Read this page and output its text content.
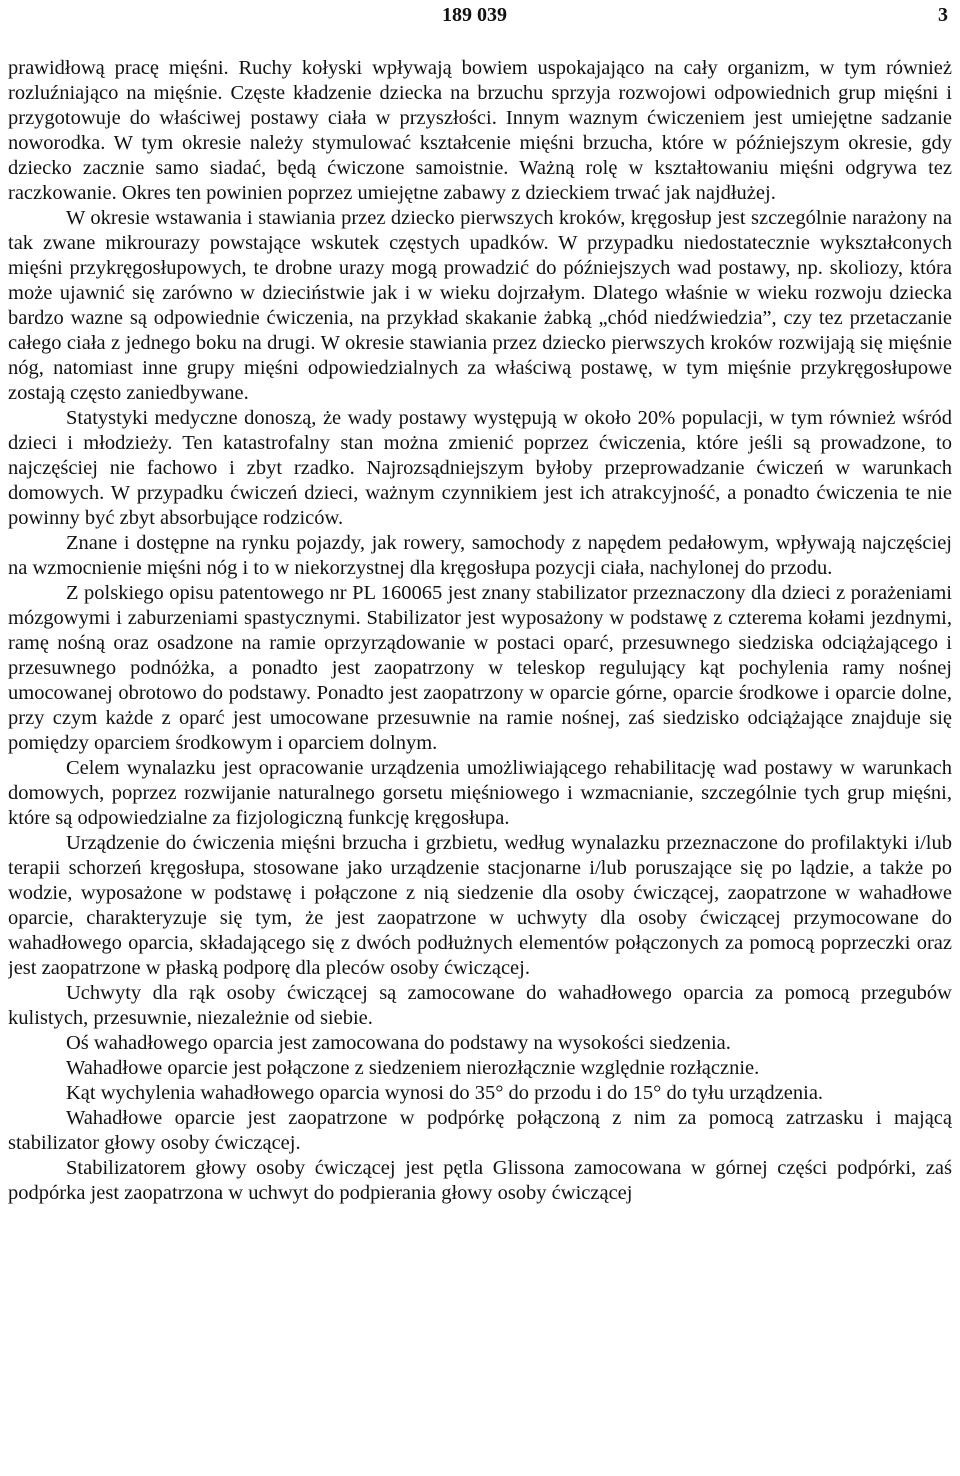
189 039	3

prawidłową pracę mięśni. Ruchy kołyski wpływają bowiem uspokajająco na cały organizm, w tym również rozluźniająco na mięśnie. Częste kładzenie dziecka na brzuchu sprzyja rozwojowi odpowiednich grup mięśni i przygotowuje do właściwej postawy ciała w przyszłości. Innym waznym ćwiczeniem jest umiejętne sadzanie noworodka. W tym okresie należy stymulować kształcenie mięśni brzucha, które w późniejszym okresie, gdy dziecko zacznie samo siadać, będą ćwiczone samoistnie. Ważną rolę w kształtowaniu mięśni odgrywa tez raczkowanie. Okres ten powinien poprzez umiejętne zabawy z dzieckiem trwać jak najdłużej.

W okresie wstawania i stawiania przez dziecko pierwszych kroków, kręgosłup jest szczególnie narażony na tak zwane mikrourazy powstające wskutek częstych upadków. W przypadku niedostatecznie wykształconych mięśni przykręgosłupowych, te drobne urazy mogą prowadzić do późniejszych wad postawy, np. skoliozy, która może ujawnić się zarówno w dzieciństwie jak i w wieku dojrzałym. Dlatego właśnie w wieku rozwoju dziecka bardzo wazne są odpowiednie ćwiczenia, na przykład skakanie żabką „chód niedźwiedzia”, czy tez przetaczanie całego ciała z jednego boku na drugi. W okresie stawiania przez dziecko pierwszych kroków rozwijają się mięśnie nóg, natomiast inne grupy mięśni odpowiedzialnych za właściwą postawę, w tym mięśnie przykręgosłupowe zostają często zaniedbywane.

Statystyki medyczne donoszą, że wady postawy występują w około 20% populacji, w tym również wśród dzieci i młodzieży. Ten katastrofalny stan można zmienić poprzez ćwiczenia, które jeśli są prowadzone, to najczęściej nie fachowo i zbyt rzadko. Najrozsądniejszym byłoby przeprowadzanie ćwiczeń w warunkach domowych. W przypadku ćwiczeń dzieci, ważnym czynnikiem jest ich atrakcyjność, a ponadto ćwiczenia te nie powinny być zbyt absorbujące rodziców.

Znane i dostępne na rynku pojazdy, jak rowery, samochody z napędem pedałowym, wpływają najczęściej na wzmocnienie mięśni nóg i to w niekorzystnej dla kręgosłupa pozycji ciała, nachylonej do przodu.

Z polskiego opisu patentowego nr PL 160065 jest znany stabilizator przeznaczony dla dzieci z porażeniami mózgowymi i zaburzeniami spastycznymi. Stabilizator jest wyposażony w podstawę z czterema kołami jezdnymi, ramę nośną oraz osadzone na ramie oprzyrządowanie w postaci oparć, przesuwnego siedziska odciążającego i przesuwnego podnóżka, a ponadto jest zaopatrzony w teleskop regulujący kąt pochylenia ramy nośnej umocowanej obrotowo do podstawy. Ponadto jest zaopatrzony w oparcie górne, oparcie środkowe i oparcie dolne, przy czym każde z oparć jest umocowane przesuwnie na ramie nośnej, zaś siedzisko odciążające znajduje się pomiędzy oparciem środkowym i oparciem dolnym.

Celem wynalazku jest opracowanie urządzenia umożliwiającego rehabilitację wad postawy w warunkach domowych, poprzez rozwijanie naturalnego gorsetu mięśniowego i wzmacnianie, szczególnie tych grup mięśni, które są odpowiedzialne za fizjologiczną funkcję kręgosłupa.

Urządzenie do ćwiczenia mięśni brzucha i grzbietu, według wynalazku przeznaczone do profilaktyki i/lub terapii schorzeń kręgosłupa, stosowane jako urządzenie stacjonarne i/lub poruszające się po lądzie, a także po wodzie, wyposażone w podstawę i połączone z nią siedzenie dla osoby ćwiczącej, zaopatrzone w wahadłowe oparcie, charakteryzuje się tym, że jest zaopatrzone w uchwyty dla osoby ćwiczącej przymocowane do wahadłowego oparcia, składającego się z dwóch podłużnych elementów połączonych za pomocą poprzeczki oraz jest zaopatrzone w płaską podporę dla pleców osoby ćwiczącej.

Uchwyty dla rąk osoby ćwiczącej są zamocowane do wahadłowego oparcia za pomocą przegubów kulistych, przesuwnie, niezależnie od siebie.

Oś wahadłowego oparcia jest zamocowana do podstawy na wysokości siedzenia.

Wahadłowe oparcie jest połączone z siedzeniem nierozłącznie względnie rozłącznie.

Kąt wychylenia wahadłowego oparcia wynosi do 35° do przodu i do 15° do tyłu urządzenia.

Wahadłowe oparcie jest zaopatrzone w podpórkę połączoną z nim za pomocą zatrzasku i mającą stabilizator głowy osoby ćwiczącej.

Stabilizatorem głowy osoby ćwiczącej jest pętla Glissona zamocowana w górnej części podpórki, zaś podpórka jest zaopatrzona w uchwyt do podpierania głowy osoby ćwiczącej
